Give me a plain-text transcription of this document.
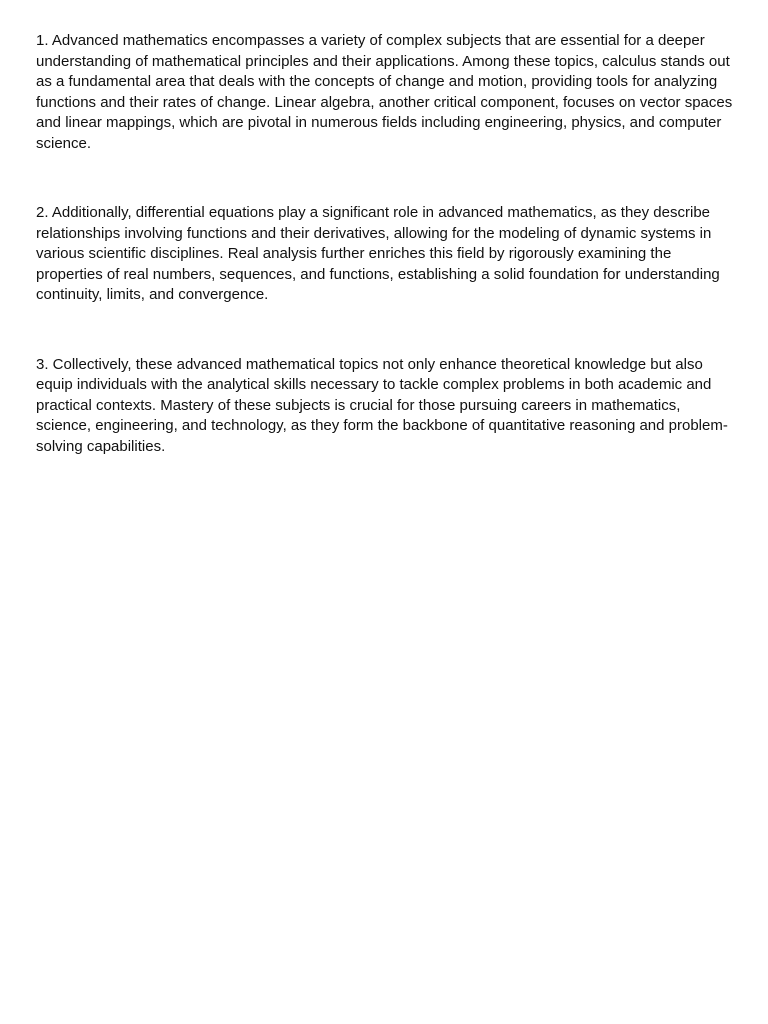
1. Advanced mathematics encompasses a variety of complex subjects that are essential for a deeper understanding of mathematical principles and their applications. Among these topics, calculus stands out as a fundamental area that deals with the concepts of change and motion, providing tools for analyzing functions and their rates of change. Linear algebra, another critical component, focuses on vector spaces and linear mappings, which are pivotal in numerous fields including engineering, physics, and computer science.

2. Additionally, differential equations play a significant role in advanced mathematics, as they describe relationships involving functions and their derivatives, allowing for the modeling of dynamic systems in various scientific disciplines. Real analysis further enriches this field by rigorously examining the properties of real numbers, sequences, and functions, establishing a solid foundation for understanding continuity, limits, and convergence.

3. Collectively, these advanced mathematical topics not only enhance theoretical knowledge but also equip individuals with the analytical skills necessary to tackle complex problems in both academic and practical contexts. Mastery of these subjects is crucial for those pursuing careers in mathematics, science, engineering, and technology, as they form the backbone of quantitative reasoning and problem-solving capabilities.
